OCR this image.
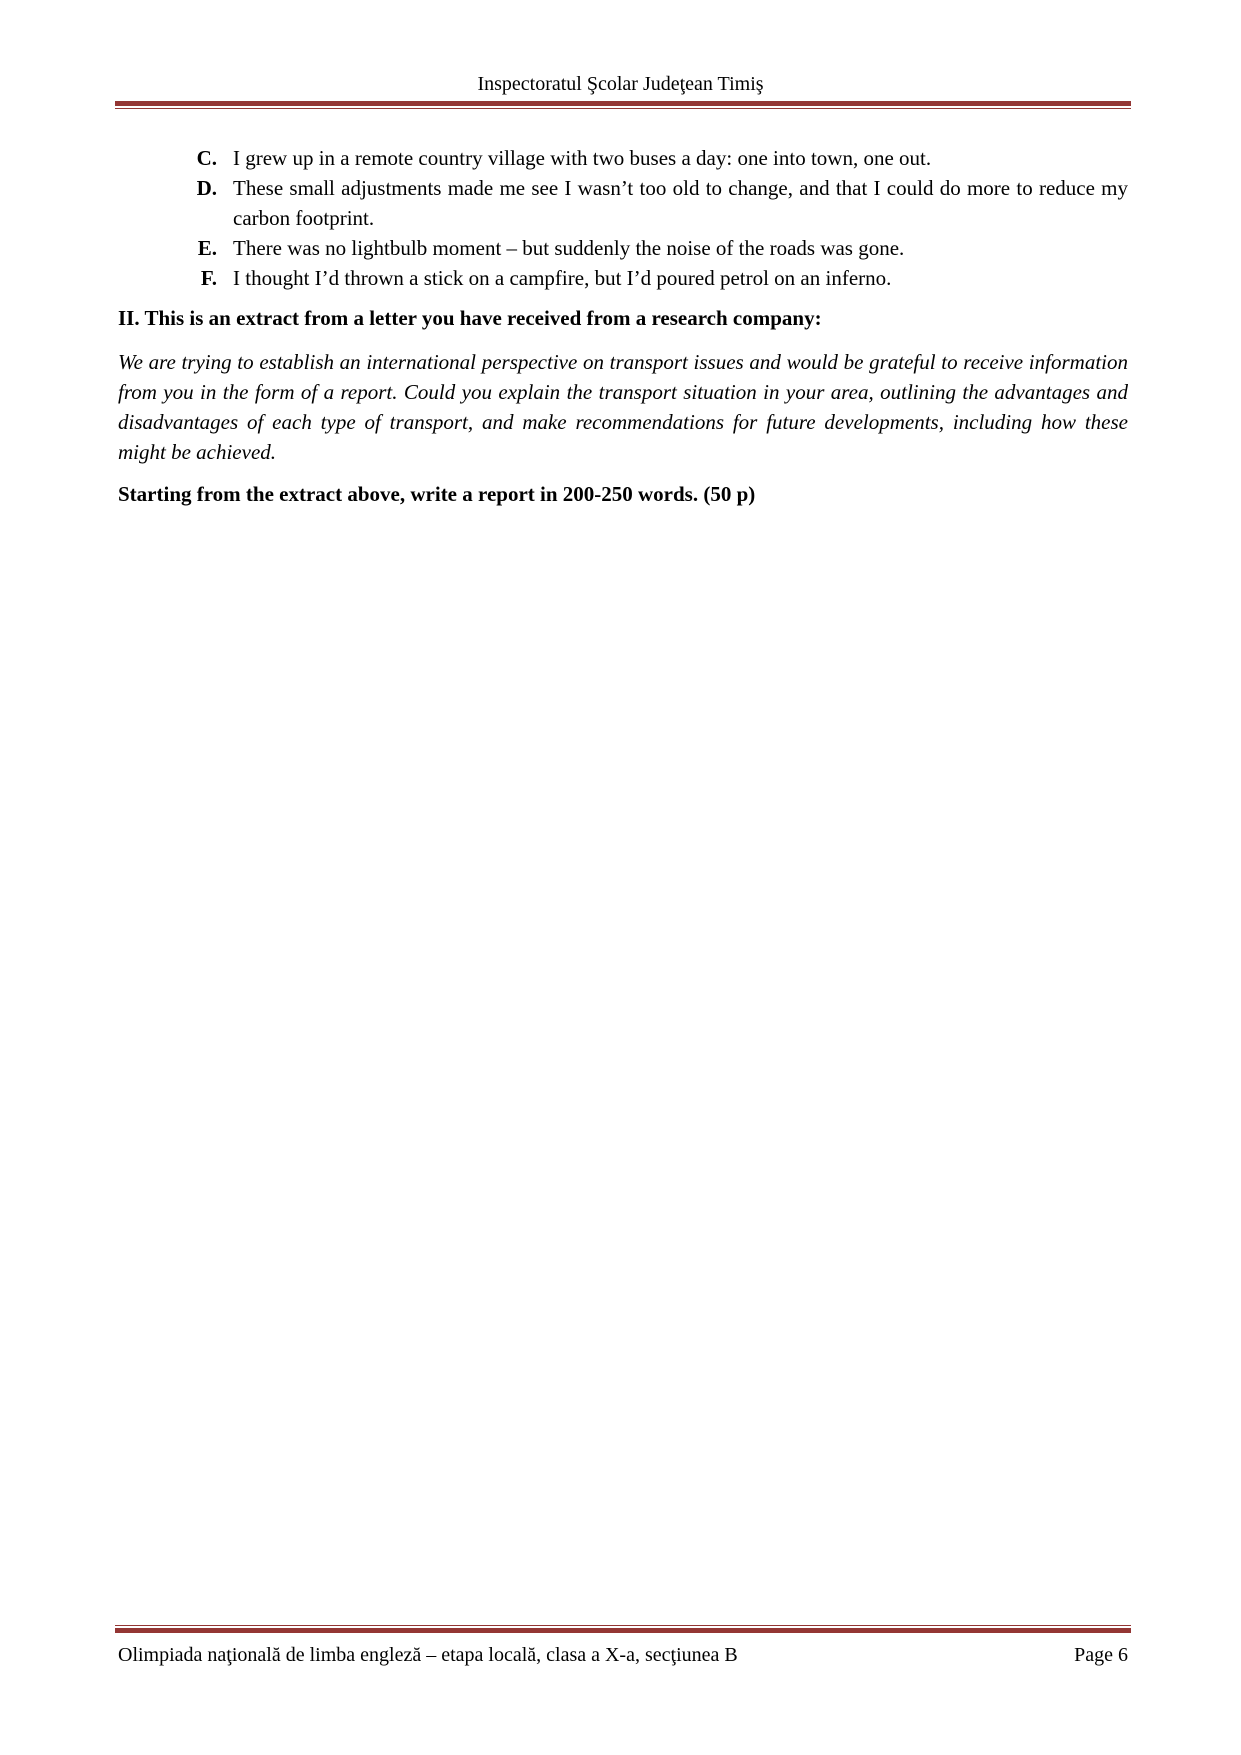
Inspectoratul Şcolar Judeţean Timiş
C. I grew up in a remote country village with two buses a day: one into town, one out.
D. These small adjustments made me see I wasn’t too old to change, and that I could do more to reduce my carbon footprint.
E. There was no lightbulb moment – but suddenly the noise of the roads was gone.
F. I thought I’d thrown a stick on a campfire, but I’d poured petrol on an inferno.
II. This is an extract from a letter you have received from a research company:
We are trying to establish an international perspective on transport issues and would be grateful to receive information from you in the form of a report. Could you explain the transport situation in your area, outlining the advantages and disadvantages of each type of transport, and make recommendations for future developments, including how these might be achieved.
Starting from the extract above, write a report in 200-250 words. (50 p)
Olimpiada naţională de limba engleză – etapa locală, clasa a X-a, secţiunea B	Page 6
